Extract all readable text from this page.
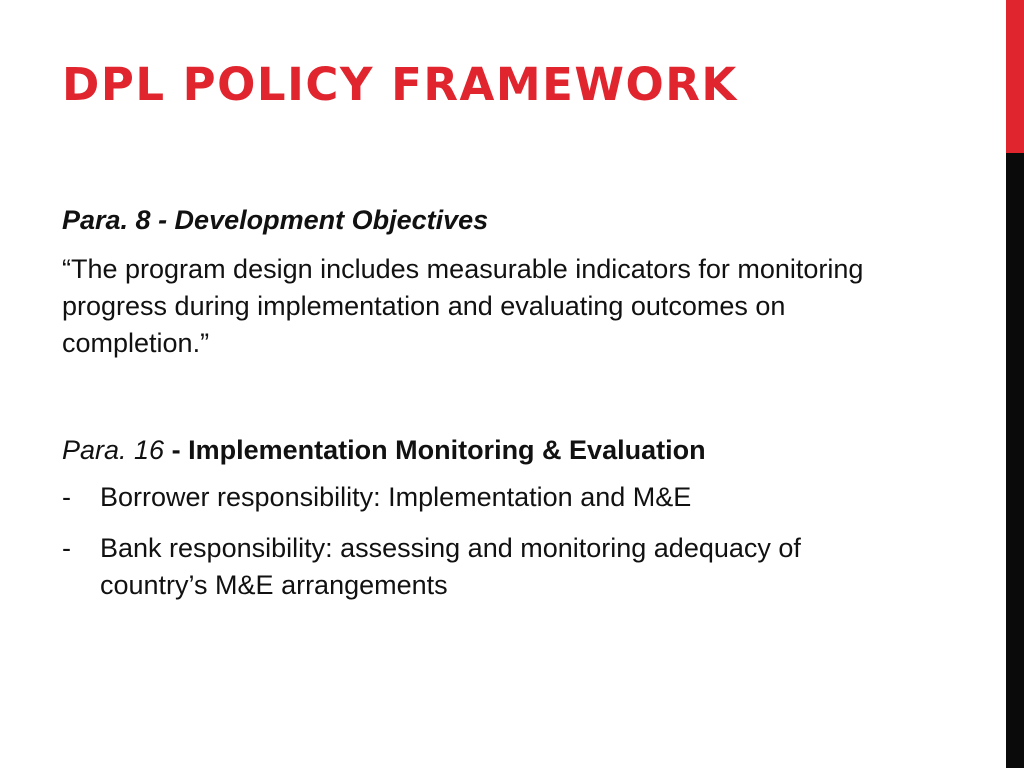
DPL POLICY FRAMEWORK

Para. 8 - Development Objectives

“The program design includes measurable indicators for monitoring progress during implementation and evaluating outcomes on completion.”

Para. 16 - Implementation Monitoring & Evaluation

- Borrower responsibility: Implementation and M&E
- Bank responsibility: assessing and monitoring adequacy of country’s M&E arrangements
